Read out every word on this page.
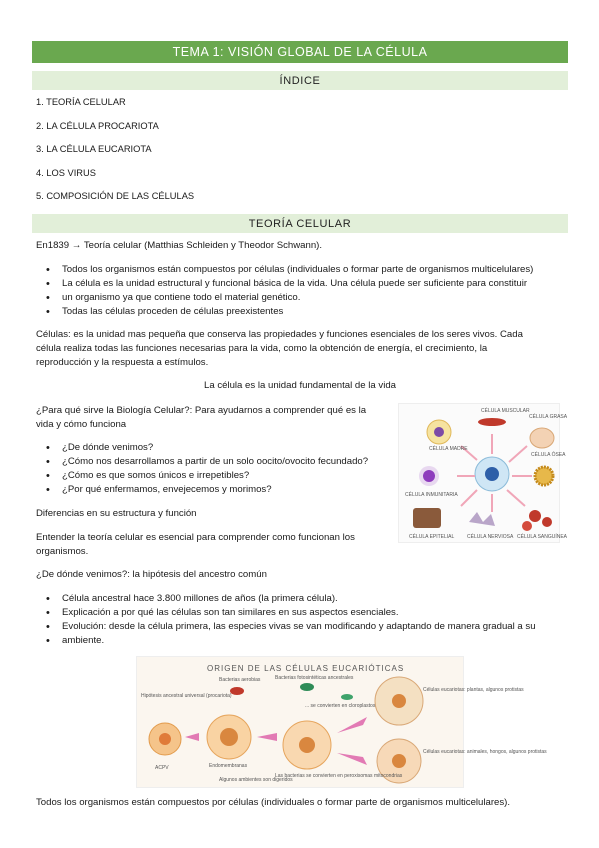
TEMA 1: VISIÓN GLOBAL DE LA CÉLULA
ÍNDICE
1. TEORÍA CELULAR
2. LA CÉLULA PROCARIOTA
3. LA CÉLULA EUCARIOTA
4. LOS VIRUS
5. COMPOSICIÓN DE LAS CÉLULAS
TEORÍA CELULAR
En1839 → Teoría celular (Matthias Schleiden y Theodor Schwann).
• Todos los organismos están compuestos por células (individuales o formar parte de organismos multicelulares)
• La célula es la unidad estructural y funcional básica de la vida. Una célula puede ser suficiente para constituir
• un organismo ya que contiene todo el material genético.
• Todas las células proceden de células preexistentes
Células: es la unidad mas pequeña que conserva las propiedades y funciones esenciales de los seres vivos. Cada
célula realiza todas las funciones necesarias para la vida, como la obtención de energía, el crecimiento, la
reproducción y la respuesta a estímulos.
La célula es la unidad fundamental de la vida
¿Para qué sirve la Biología Celular?: Para ayudarnos a comprender qué es la
vida y cómo funciona
• ¿De dónde venimos?
• ¿Cómo nos desarrollamos a partir de un solo oocito/ovocito fecundado?
• ¿Cómo es que somos únicos e irrepetibles?
• ¿Por qué enfermamos, envejecemos y morimos?
Diferencias en su estructura y función
Entender la teoría celular es esencial para comprender como funcionan los
organismos.
¿De dónde venimos?: la hipótesis del ancestro común
• Célula ancestral hace 3.800 millones de años (la primera célula).
• Explicación a por qué las células son tan similares en sus aspectos esenciales.
• Evolución: desde la célula primera, las especies vivas se van modificando y adaptando de manera gradual a su
• ambiente.
CÉLULA MUSCULAR
CÉLULA MADRE
CÉLULA ÓSEA
CÉLULA GRASA
CÉLULA INMUNITARIA
CÉLULA EPITELIAL	CÉLULA NERVIOSA CÉLULA SANGUÍNEA
ORIGEN DE LAS CÉLULAS EUCARIÓTICAS
Hipótesis ancestral universal (procariota)
Bacterias aerobias	Bacterias fotosintéticas ancestrales
... se convierten en cloroplastos
Células eucariotas: plantas, algunos protistas
Endomembranas
ACPV
Algunos ambientes son digeridos
Las bacterias se convierten en peroxisomas mitocondrias
Células eucariotas: animales, hongos, algunos protistas
Todos los organismos están compuestos por células (individuales o formar parte de organismos multicelulares).
